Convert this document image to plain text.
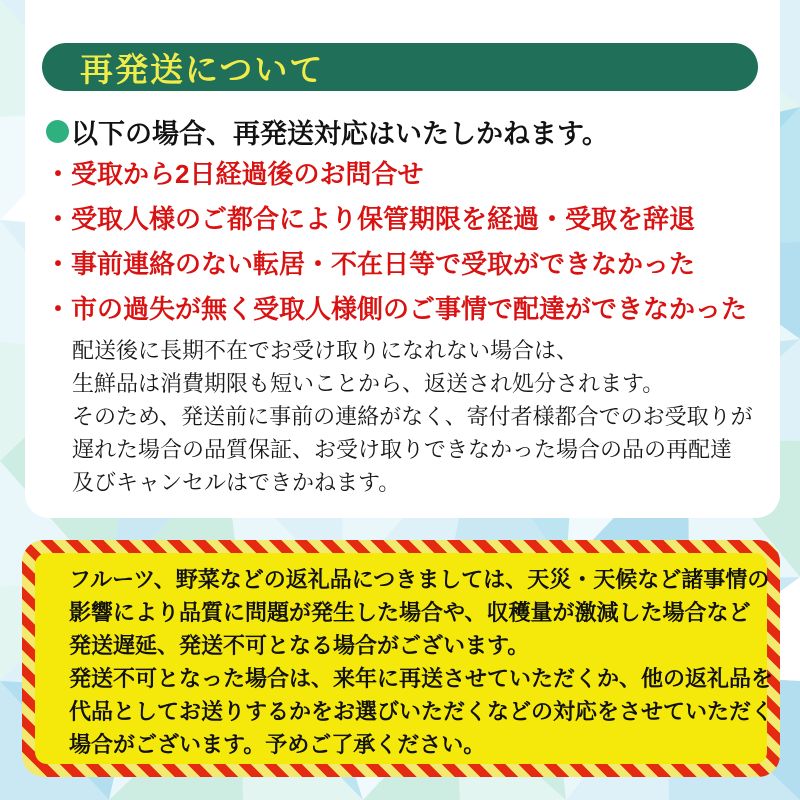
再発送について
以下の場合、再発送対応はいたしかねます。
・受取から2日経過後のお問合せ
・受取人様のご都合により保管期限を経過・受取を辞退
・事前連絡のない転居・不在日等で受取ができなかった
・市の過失が無く受取人様側のご事情で配達ができなかった
配送後に長期不在でお受け取りになれない場合は、
生鮮品は消費期限も短いことから、返送され処分されます。
そのため、発送前に事前の連絡がなく、寄付者様都合でのお受取りが
遅れた場合の品質保証、お受け取りできなかった場合の品の再配達
及びキャンセルはできかねます。
フルーツ、野菜などの返礼品につきましては、天災・天候など諸事情の
影響により品質に問題が発生した場合や、収穫量が激減した場合など
発送遅延、発送不可となる場合がございます。
発送不可となった場合は、来年に再送させていただくか、他の返礼品を
代品としてお送りするかをお選びいただくなどの対応をさせていただく
場合がございます。予めご了承ください。
